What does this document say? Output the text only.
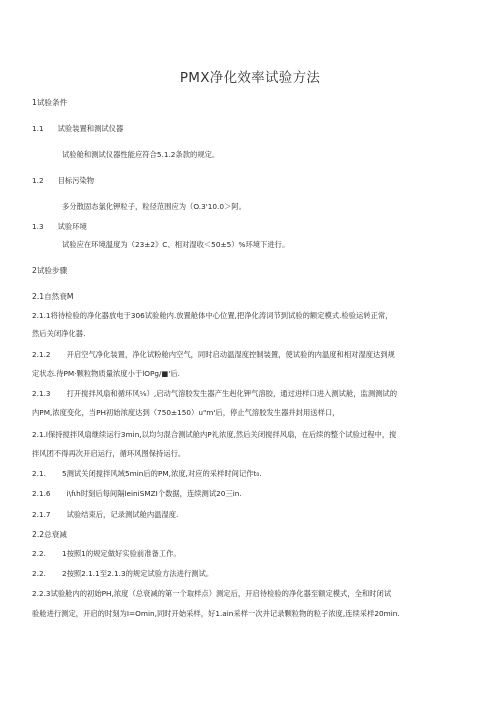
PMX净化效率试验方法
1试验条件
1.1 试验装置和测试仪器
试验舱和测试仪器性能应符合5.1.2条款的规定。
1.2 目标污染物
多分散固态氯化钾粒子，粒径范围应为（O.3'10.0＞阿。
1.3 试验环境
试验应在环境温度为（23±2》C、相对湿收＜50±5）%环境下进行。
2试验步骤
2.1自然衰M
2.1.1将待检验的净化器放电于306试验舱内.放置舱体中心位置,把净化涛词节到试验的额定模式.检验运转正常，
然后关闭净化器.
2.1.2 开启空气净化装置，净化试粉舱内空气，同时启动温湿度控制装置，使试验的内温度和相对湿度达到规
定状态.待PM·颗粒物质量浓度小于lOPg/■'后.
2.1.3 打开搅拌风扇和循环风⅛）,启动气溶胶发生器产生赳化钾气溶胶，通过进样口进入测试舱，监测测试的
内PM,浓度变化，当PH初始浓度达到（750±150）u"m'后，停止气溶胶发生器并封用送样口，
2.1.l保持搅拌风扇继续运行3min,以均匀混合测试舱内P礼浓度,然后关闭搅拌风扇，在后续的整个试验过程中，搅
拌风团不得再次开启运行，循环风图保持运行。
2.1. 5测试关闭搅拌风域5min后的PM,浓度,对应的采样时间记作t₀.
2.1.6 i\fιh时刻后每间隔leiniSMZI个数据，连续测试20三in.
2.1.7 试验结束后，记录测试舱内温湿度.
2.2总衰减
2.2. 1按照1的规定做好实验前准备工作。
2.2. 2按照2.1.1至2.1.3的规定试验方法进行测试。
2.2.3试验舱内的初始PH,浓度（总衰减的第一个取样点）测定后，开启待检验的净化器至额定模式，全和时闭试
验舱进行测定，开启的时刻为I=Omin,同时开始采样，好1.ain采样一次并记录颗粒物的粒子浓度,连续采样20min.
